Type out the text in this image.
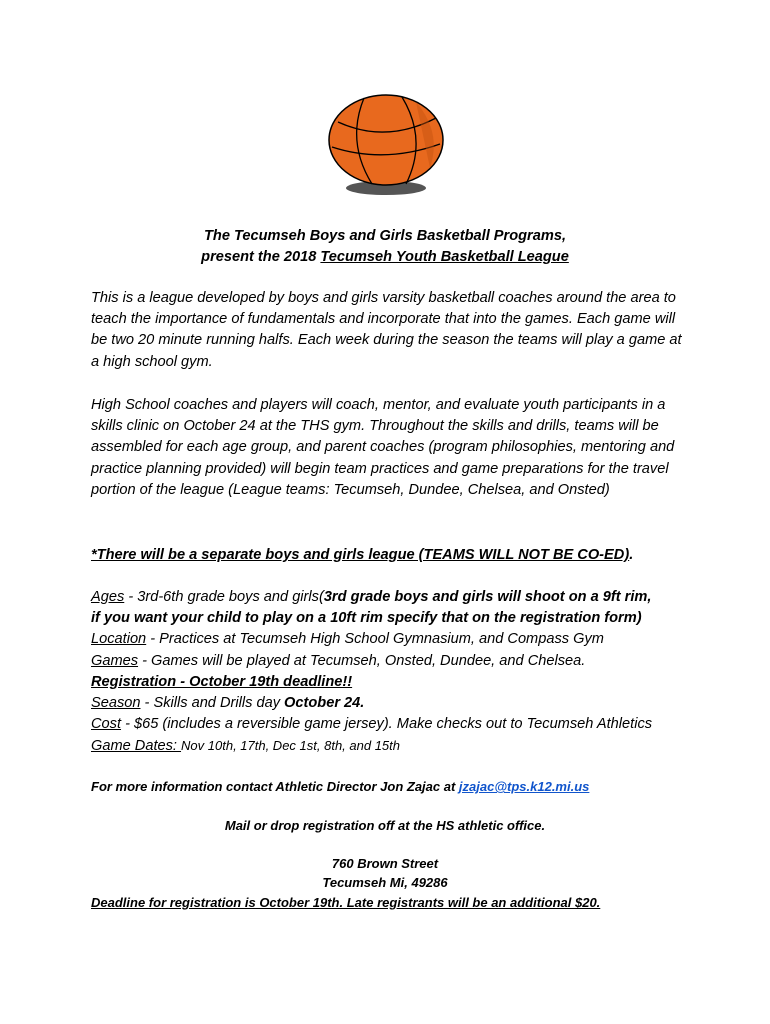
The Tecumseh Boys and Girls Basketball Programs,
present the 2018 Tecumseh Youth Basketball League
This is a league developed by boys and girls varsity basketball coaches around the area to teach the importance of fundamentals and incorporate that into the games. Each game will be two 20 minute running halfs. Each week during the season the teams will play a game at a high school gym.
High School coaches and players will coach, mentor, and evaluate youth participants in a skills clinic on October 24 at the THS gym. Throughout the skills and drills, teams will be assembled for each age group, and parent coaches (program philosophies, mentoring and practice planning provided) will begin team practices and game preparations for the travel portion of the league (League teams: Tecumseh, Dundee, Chelsea, and Onsted)
*There will be a separate boys and girls league (TEAMS WILL NOT BE CO-ED).
Ages - 3rd-6th grade boys and girls(3rd grade boys and girls will shoot on a 9ft rim,
if you want your child to play on a 10ft rim specify that on the registration form)
Location - Practices at Tecumseh High School Gymnasium, and Compass Gym
Games - Games will be played at Tecumseh, Onsted, Dundee, and Chelsea.
Registration - October 19th deadline!!
Season - Skills and Drills day October 24.
Cost - $65 (includes a reversible game jersey). Make checks out to Tecumseh Athletics
Game Dates: Nov 10th, 17th, Dec 1st, 8th, and 15th
For more information contact Athletic Director Jon Zajac at jzajac@tps.k12.mi.us
Mail or drop registration off at the HS athletic office.
760 Brown Street
Tecumseh Mi, 49286
Deadline for registration is October 19th. Late registrants will be an additional $20.
